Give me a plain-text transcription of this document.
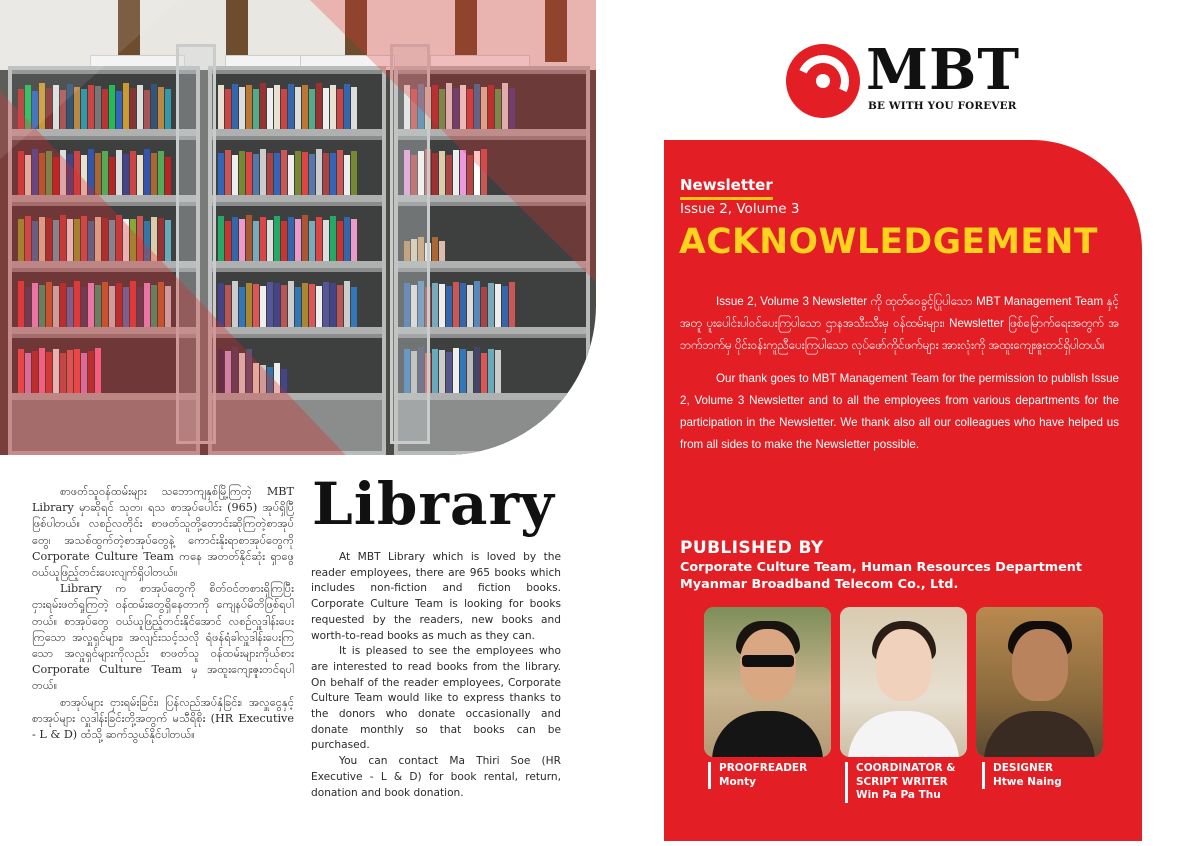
စာဖတ်သူဝန်ထမ်းများ သဘောကျနှစ်မြို့ကြတဲ့ MBT Library မှာဆိုရင် သုတ၊ ရသ စာအုပ်ပေါင်း (965) အုပ်ရှိပြီဖြစ်ပါတယ်။ လစဉ်လတိုင်း စာဖတ်သူတို့တောင်းဆိုကြတဲ့စာအုပ်တွေ၊ အသစ်ထွက်တဲ့စာအုပ်တွေနဲ့ ကောင်းနိုးရာစာအုပ်တွေကို Corporate Culture Team ကနေ အတတ်နိုင်ဆုံး ရှာဖွေဝယ်ယူဖြည့်တင်းပေးလျက်ရှိပါတယ်။

Library က စာအုပ်တွေကို စိတ်ဝင်တစားရှိကြပြီး ငှားရမ်းဖတ်ရှုကြတဲ့ ဝန်ထမ်းတွေရှိနေတာကို ကျေနပ်မိတိဖြစ်ရပါတယ်။ စာအုပ်တွေ ဝယ်ယူဖြည့်တင်းနိုင်အောင် လစဉ်လှူဒါန်းပေးကြသော အလှူရှင်များ၊ အလျင်းသင့်သလို ရံဖန်ရံခါလှူဒါန်းပေးကြသော အလှူရှင်များကိုလည်း စာဖတ်သူ ဝန်ထမ်းများကိုယ်စား Corporate Culture Team မှ အထူးကျေးဇူးတင်ရပါတယ်။

စာအုပ်များ ငှားရမ်းခြင်း၊ ပြန်လည်အပ်နှံခြင်း၊ အလှူငွေနှင့်စာအုပ်များ လှူဒါန်းခြင်းတို့အတွက် မသီရိစိုး (HR Executive - L & D) ထံသို့ ဆက်သွယ်နိုင်ပါတယ်။

Library

At MBT Library which is loved by the reader employees, there are 965 books which includes non-fiction and fiction books. Corporate Culture Team is looking for books requested by the readers, new books and worth-to-read books as much as they can.

It is pleased to see the employees who are interested to read books from the library. On behalf of the reader employees, Corporate Culture Team would like to express thanks to the donors who donate occasionally and donate monthly so that books can be purchased.

You can contact Ma Thiri Soe (HR Executive - L & D) for book rental, return, donation and book donation.

MBT
BE WITH YOU FOREVER
Newsletter
Issue 2, Volume 3
ACKNOWLEDGEMENT

Issue 2, Volume 3 Newsletter ကို ထုတ်ဝေခွင့်ပြုပါသော MBT Management Team နှင့်အတူ ပူးပေါင်းပါဝင်ပေးကြပါသော ဌာနအသီးသီးမှ ဝန်ထမ်းများ၊ Newsletter ဖြစ်မြောက်ရေးအတွက် အဘက်ဘက်မှ ပိုင်းဝန်းကူညီပေးကြပါသော လုပ်ဖော်ကိုင်ဖက်များ အားလုံးကို အထူးကျေးဇူးတင်ရှိပါတယ်။

Our thank goes to MBT Management Team for the permission to publish Issue 2, Volume 3 Newsletter and to all the employees from various departments for the participation in the Newsletter. We thank also all our colleagues who have helped us from all sides to make the Newsletter possible.

PUBLISHED BY
Corporate Culture Team, Human Resources Department
Myanmar Broadband Telecom Co., Ltd.
PROOFREADER
Monty
COORDINATOR &
SCRIPT WRITER
Win Pa Pa Thu
DESIGNER
Htwe Naing
